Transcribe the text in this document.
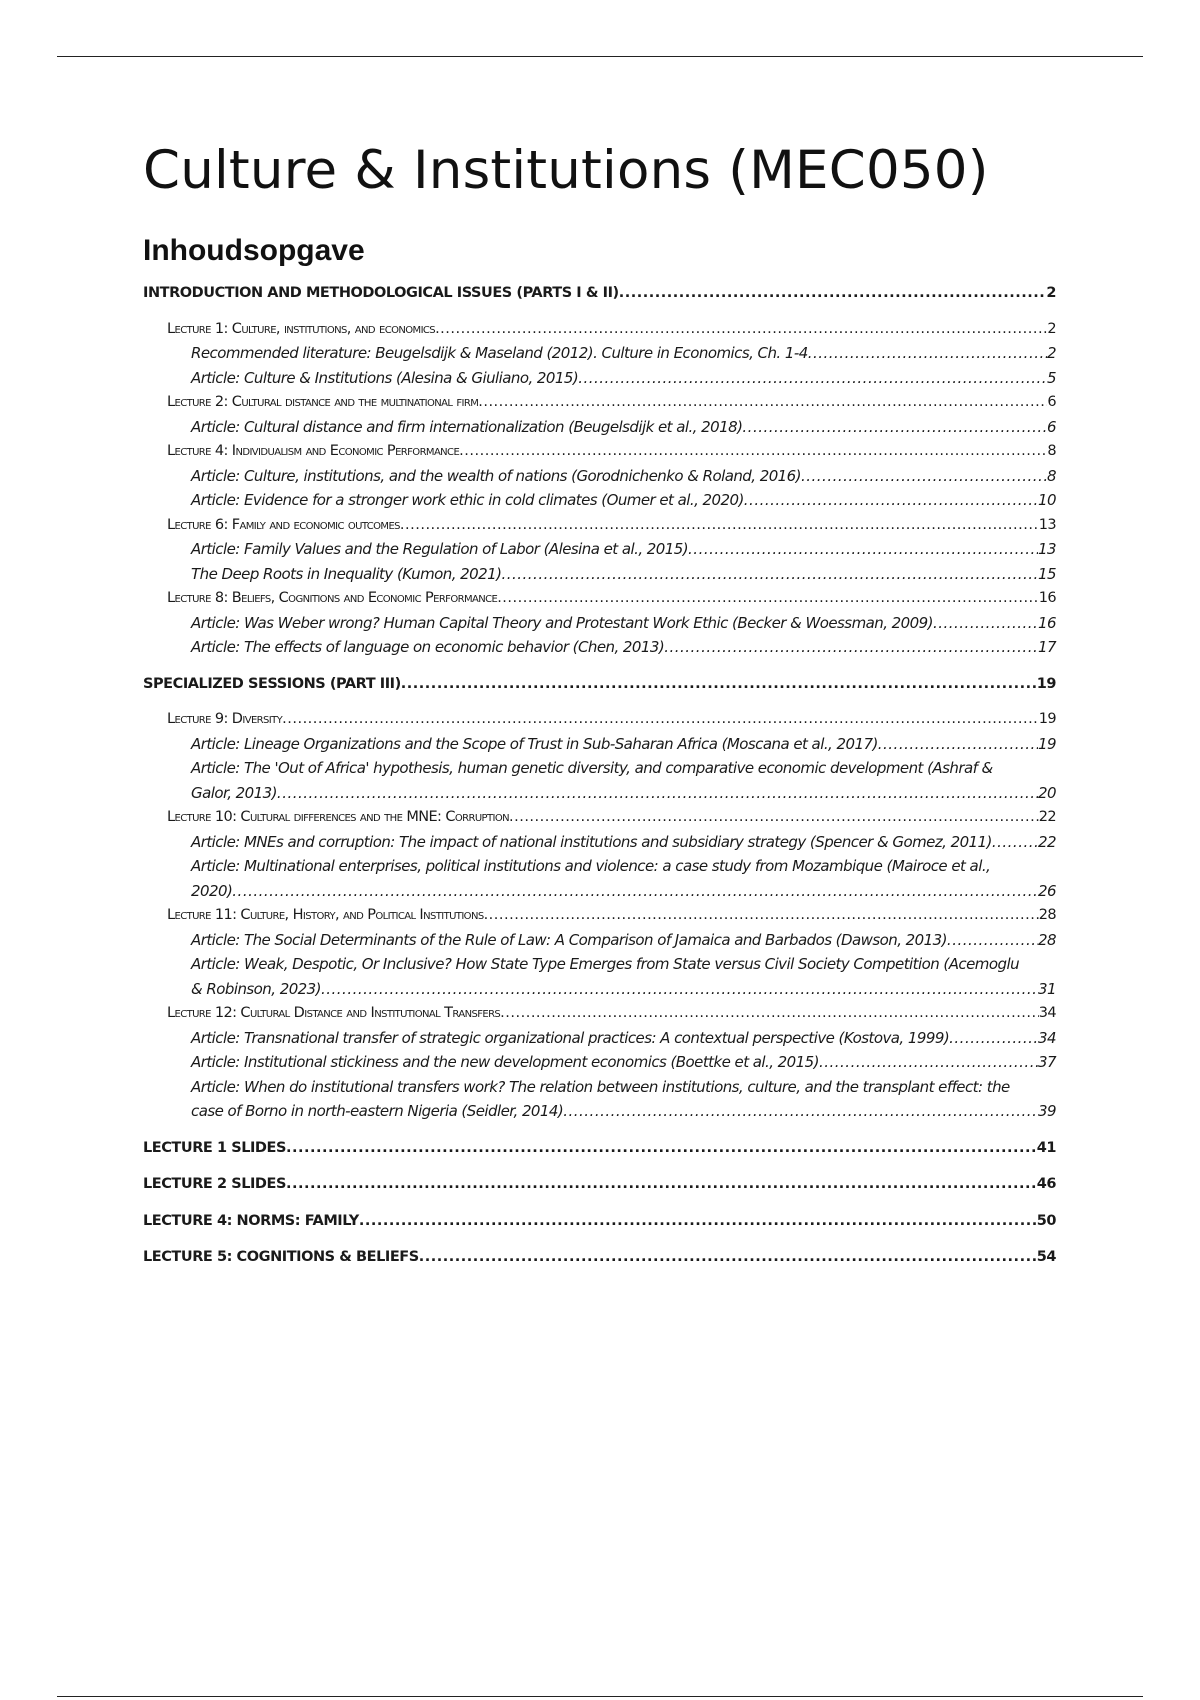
Culture & Institutions (MEC050)
Inhoudsopgave
INTRODUCTION AND METHODOLOGICAL ISSUES (PARTS I & II) .....	2
Lecture 1: Culture, institutions, and economics .....	2
Recommended literature: Beugelsdijk & Maseland (2012). Culture in Economics, Ch. 1-4 .....	2
Article: Culture & Institutions (Alesina & Giuliano, 2015) .....	5
Lecture 2: Cultural distance and the multinational firm .....	6
Article: Cultural distance and firm internationalization (Beugelsdijk et al., 2018) .....	6
Lecture 4: Individualism and Economic Performance .....	8
Article: Culture, institutions, and the wealth of nations (Gorodnichenko & Roland, 2016) .....	8
Article: Evidence for a stronger work ethic in cold climates (Oumer et al., 2020) .....	10
Lecture 6: Family and economic outcomes .....	13
Article: Family Values and the Regulation of Labor (Alesina et al., 2015) .....	13
The Deep Roots in Inequality (Kumon, 2021) .....	15
Lecture 8: Beliefs, Cognitions and Economic Performance .....	16
Article: Was Weber wrong? Human Capital Theory and Protestant Work Ethic (Becker & Woessman, 2009) .....	16
Article: The effects of language on economic behavior (Chen, 2013) .....	17
SPECIALIZED SESSIONS (PART III) .....	19
Lecture 9: Diversity .....	19
Article: Lineage Organizations and the Scope of Trust in Sub-Saharan Africa (Moscana et al., 2017) .....	19
Article: The 'Out of Africa' hypothesis, human genetic diversity, and comparative economic development (Ashraf &
Galor, 2013) .....	20
Lecture 10: Cultural differences and the MNE: Corruption .....	22
Article: MNEs and corruption: The impact of national institutions and subsidiary strategy (Spencer & Gomez, 2011) .....	22
Article: Multinational enterprises, political institutions and violence: a case study from Mozambique (Mairoce et al.,
2020) .....	26
Lecture 11: Culture, History, and Political Institutions .....	28
Article: The Social Determinants of the Rule of Law: A Comparison of Jamaica and Barbados (Dawson, 2013) .....	28
Article: Weak, Despotic, Or Inclusive? How State Type Emerges from State versus Civil Society Competition (Acemoglu
& Robinson, 2023) .....	31
Lecture 12: Cultural Distance and Institutional Transfers .....	34
Article: Transnational transfer of strategic organizational practices: A contextual perspective (Kostova, 1999) .....	34
Article: Institutional stickiness and the new development economics (Boettke et al., 2015) .....	37
Article: When do institutional transfers work? The relation between institutions, culture, and the transplant effect: the
case of Borno in north-eastern Nigeria (Seidler, 2014) .....	39
LECTURE 1 SLIDES .....	41
LECTURE 2 SLIDES .....	46
LECTURE 4: NORMS: FAMILY .....	50
LECTURE 5: COGNITIONS & BELIEFS .....	54
